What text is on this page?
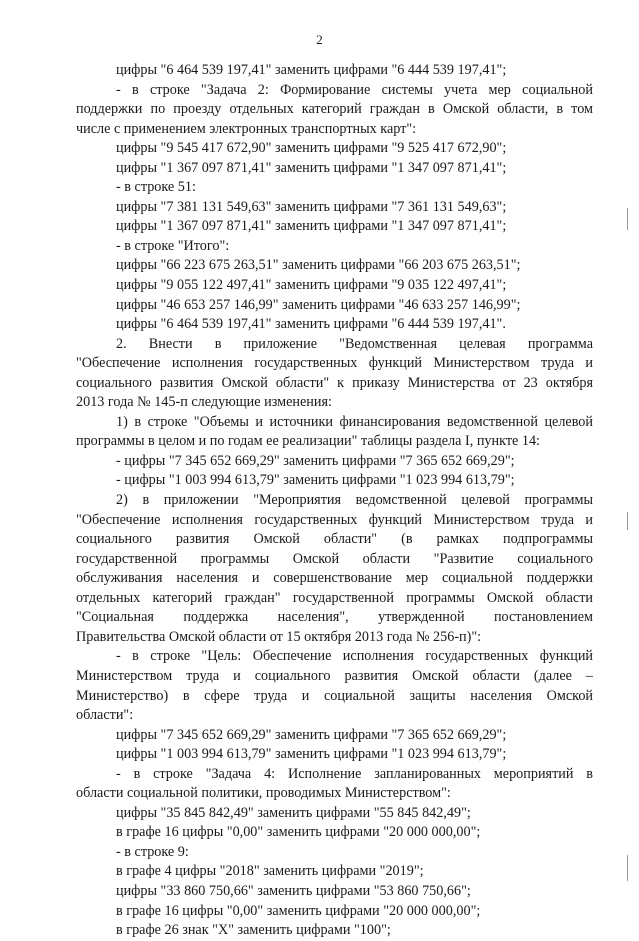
2
цифры "6 464 539 197,41" заменить цифрами "6 444 539 197,41";
- в строке "Задача 2: Формирование системы учета мер социальной
поддержки по проезду отдельных категорий граждан в Омской области, в том
числе с применением электронных транспортных карт":
цифры "9 545 417 672,90" заменить цифрами "9 525 417 672,90";
цифры "1 367 097 871,41" заменить цифрами "1 347 097 871,41";
- в строке 51:
цифры "7 381 131 549,63" заменить цифрами "7 361 131 549,63";
цифры "1 367 097 871,41" заменить цифрами "1 347 097 871,41";
- в строке "Итого":
цифры "66 223 675 263,51" заменить цифрами "66 203 675 263,51";
цифры "9 055 122 497,41" заменить цифрами "9 035 122 497,41";
цифры "46 653 257 146,99" заменить цифрами "46 633 257 146,99";
цифры "6 464 539 197,41" заменить цифрами "6 444 539 197,41".
2. Внести в приложение "Ведомственная целевая программа
"Обеспечение исполнения государственных функций Министерством труда и
социального развития Омской области" к приказу Министерства от 23 октября
2013 года № 145-п следующие изменения:
1) в строке "Объемы и источники финансирования ведомственной целевой
программы в целом и по годам ее реализации" таблицы раздела I, пункте 14:
- цифры "7 345 652 669,29" заменить цифрами "7 365 652 669,29";
- цифры "1 003 994 613,79" заменить цифрами "1 023 994 613,79";
2) в приложении "Мероприятия ведомственной целевой программы
"Обеспечение исполнения государственных функций Министерством труда и
социального развития Омской области" (в рамках подпрограммы
государственной программы Омской области "Развитие социального
обслуживания населения и совершенствование мер социальной поддержки
отдельных категорий граждан" государственной программы Омской области
"Социальная поддержка населения", утвержденной постановлением
Правительства Омской области от 15 октября 2013 года № 256-п)":
- в строке "Цель: Обеспечение исполнения государственных функций
Министерством труда и социального развития Омской области (далее –
Министерство) в сфере труда и социальной защиты населения Омской
области":
цифры "7 345 652 669,29" заменить цифрами "7 365 652 669,29";
цифры "1 003 994 613,79" заменить цифрами "1 023 994 613,79";
- в строке "Задача 4: Исполнение запланированных мероприятий в
области социальной политики, проводимых Министерством":
цифры "35 845 842,49" заменить цифрами "55 845 842,49";
в графе 16 цифры "0,00" заменить цифрами "20 000 000,00";
- в строке 9:
в графе 4 цифры "2018" заменить цифрами "2019";
цифры "33 860 750,66" заменить цифрами "53 860 750,66";
в графе 16 цифры "0,00" заменить цифрами "20 000 000,00";
в графе 26 знак "Х" заменить цифрами "100";
